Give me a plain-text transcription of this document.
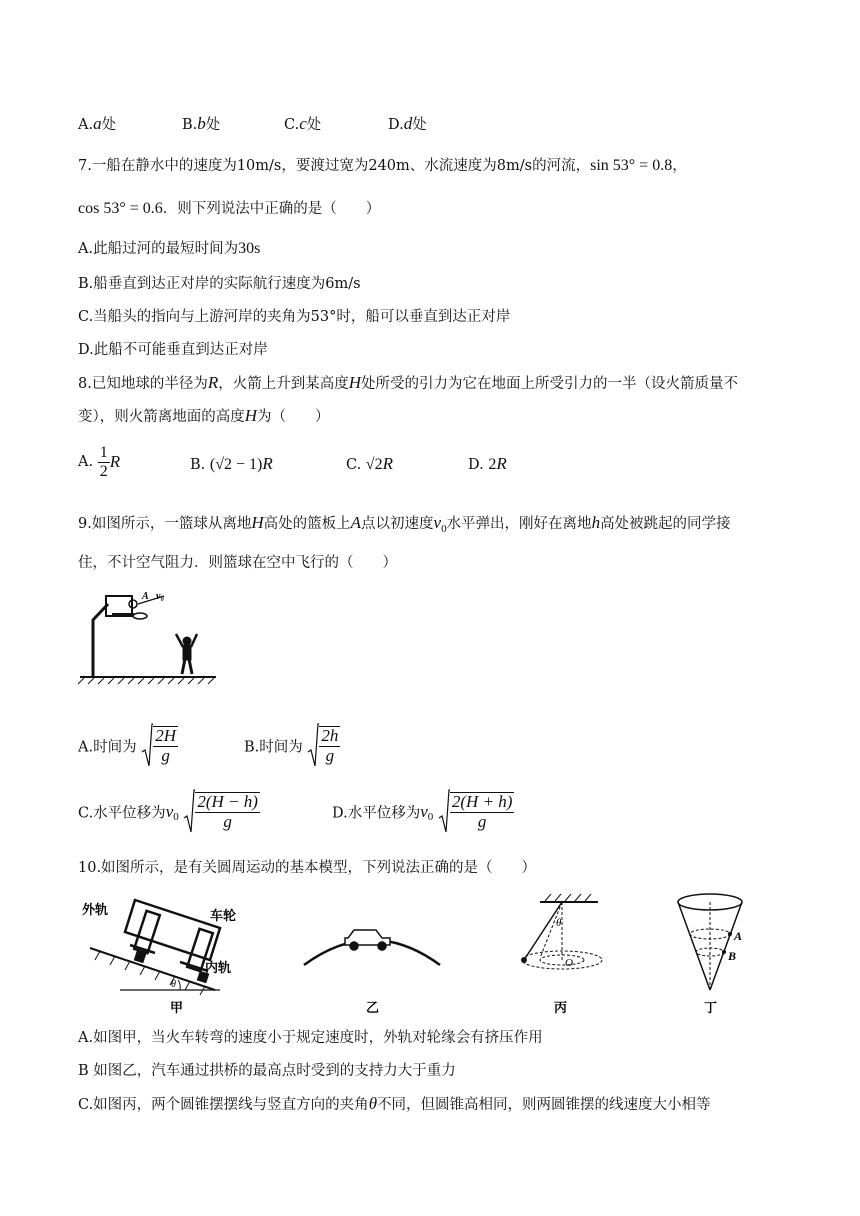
A.a处	B.b处	C.c处	D.d处
7.一船在静水中的速度为10m/s，要渡过宽为240m、水流速度为8m/s的河流，sin 53° = 0.8，
cos 53° = 0.6．则下列说法中正确的是（　　）
A.此船过河的最短时间为30s
B.船垂直到达正对岸的实际航行速度为6m/s
C.当船头的指向与上游河岸的夹角为53°时，船可以垂直到达正对岸
D.此船不可能垂直到达正对岸
8.已知地球的半径为R，火箭上升到某高度H处所受的引力为它在地面上所受引力的一半（设火箭质量不
变），则火箭离地面的高度H为（　　）
A. $\frac{1}{2}$ R	B. (√2 − 1)R	C. √2R	D. 2R
9.如图所示，一篮球从离地H高处的篮板上A点以初速度$v_0$水平弹出，刚好在离地h高处被跳起的同学接
住，不计空气阻力．则篮球在空中飞行的（　　）
A v₀
A.时间为 $\frac{2H}{g}$	B.时间为 $\frac{2h}{g}$
C.水平位移为$v_0 \frac{2(H - h)}{g}$	D.水平位移为$v_0 \frac{2(H + h)}{g}$
10.如图所示，是有关圆周运动的基本模型，下列说法正确的是（　　）
θ
外轨	车轮
内轨
甲	乙
θ
O
丙
A
B
丁
A.如图甲，当火车转弯的速度小于规定速度时，外轨对轮缘会有挤压作用
B 如图乙，汽车通过拱桥的最高点时受到的支持力大于重力
C.如图丙，两个圆锥摆摆线与竖直方向的夹角θ不同，但圆锥高相同，则两圆锥摆的线速度大小相等
